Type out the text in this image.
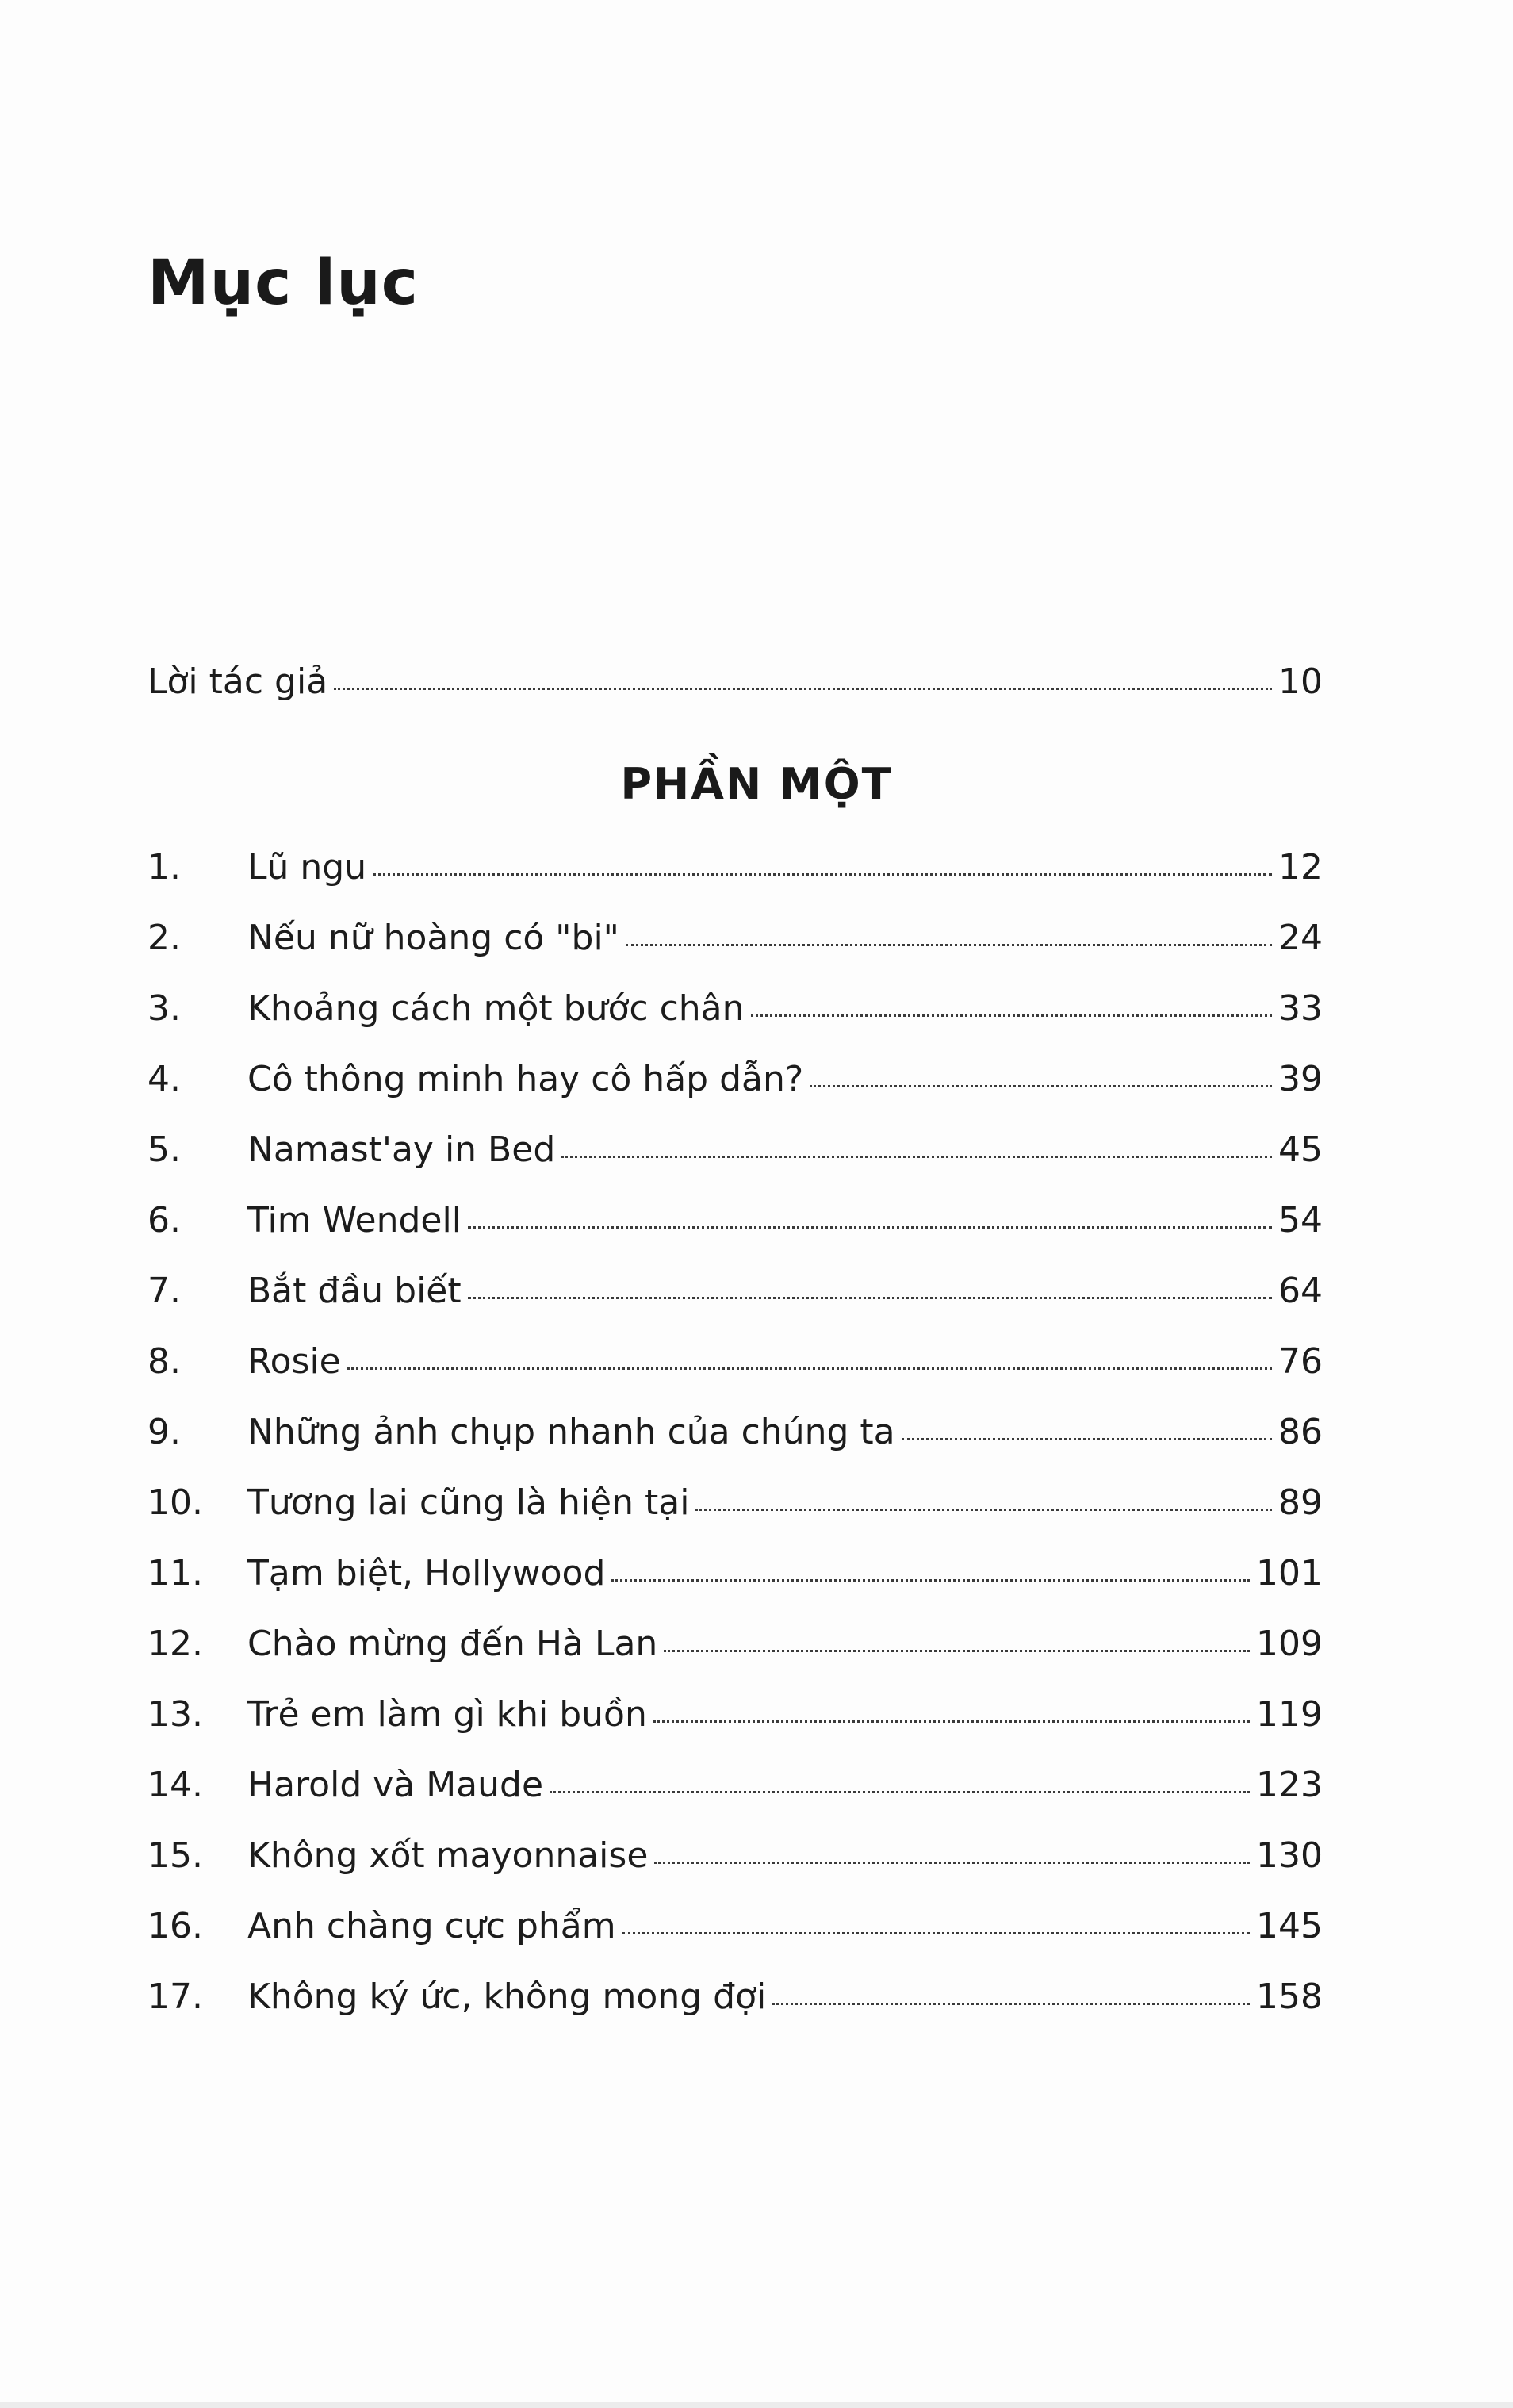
Mục lục
Lời tác giả	10
PHẦN MỘT
1.	Lũ ngu	12
2.	Nếu nữ hoàng có "bi"	24
3.	Khoảng cách một bước chân	33
4.	Cô thông minh hay cô hấp dẫn?	39
5.	Namast'ay in Bed	45
6.	Tim Wendell	54
7.	Bắt đầu biết	64
8.	Rosie	76
9.	Những ảnh chụp nhanh của chúng ta	86
10.	Tương lai cũng là hiện tại	89
11.	Tạm biệt, Hollywood	101
12.	Chào mừng đến Hà Lan	109
13.	Trẻ em làm gì khi buồn	119
14.	Harold và Maude	123
15.	Không xốt mayonnaise	130
16.	Anh chàng cực phẩm	145
17.	Không ký ức, không mong đợi	158
